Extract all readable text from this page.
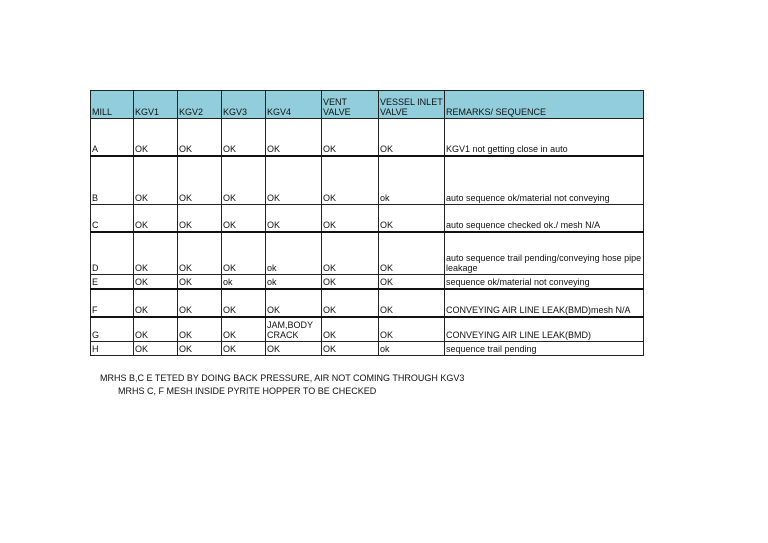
MILL	KGV1	KGV2	KGV3	KGV4	VENT VALVE	VESSEL INLET VALVE	REMARKS/ SEQUENCE
A	OK	OK	OK	OK	OK	OK	KGV1 not getting close in auto
B	OK	OK	OK	OK	OK	ok	auto sequence ok/material not conveying
C	OK	OK	OK	OK	OK	OK	auto sequence checked ok./ mesh N/A
D	OK	OK	OK	ok	OK	OK	auto sequence trail pending/conveying hose pipe leakage
E	OK	OK	ok	ok	OK	OK	sequence ok/material not conveying
F	OK	OK	OK	OK	OK	OK	CONVEYING AIR LINE LEAK(BMD)mesh N/A
G	OK	OK	OK	JAM,BODY CRACK	OK	OK	CONVEYING AIR LINE LEAK(BMD)
H	OK	OK	OK	OK	OK	ok	sequence trail pending
MRHS B,C E TETED BY DOING BACK PRESSURE, AIR NOT COMING THROUGH KGV3
MRHS C, F MESH INSIDE PYRITE HOPPER TO BE CHECKED
